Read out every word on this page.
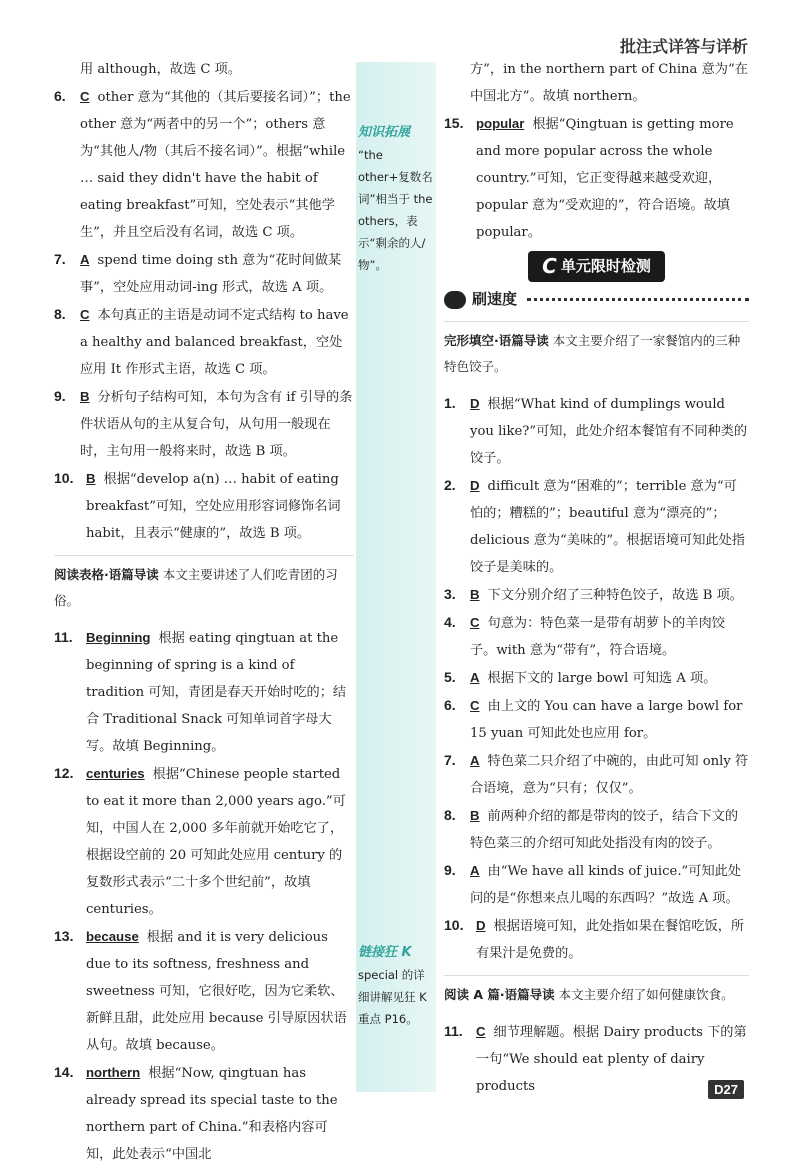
批注式详答与详析
用 although，故选 C 项。
6. C other 意为“其他的（其后要接名词）”；the other 意为“两者中的另一个”；others 意为“其他人/物（其后不接名词）”。根据“while … said they didn't have the habit of eating breakfast”可知，空处表示“其他学生”，并且空后没有名词，故选 C 项。
7. A spend time doing sth 意为“花时间做某事”，空处应用动词-ing 形式，故选 A 项。
8. C 本句真正的主语是动词不定式结构 to have a healthy and balanced breakfast，空处应用 It 作形式主语，故选 C 项。
9. B 分析句子结构可知，本句为含有 if 引导的条件状语从句的主从复合句，从句用一般现在时，主句用一般将来时，故选 B 项。
10. B 根据“develop a(n) … habit of eating breakfast”可知，空处应用形容词修饰名词 habit，且表示“健康的”，故选 B 项。
阅读表格·语篇导读 本文主要讲述了人们吃青团的习俗。
11. Beginning 根据 eating qingtuan at the beginning of spring is a kind of tradition 可知，青团是春天开始时吃的；结合 Traditional Snack 可知单词首字母大写。故填 Beginning。
12. centuries 根据“Chinese people started to eat it more than 2,000 years ago.”可知，中国人在 2,000 多年前就开始吃它了，根据设空前的 20 可知此处应用 century 的复数形式表示“二十多个世纪前”，故填 centuries。
13. because 根据 and it is very delicious due to its softness, freshness and sweetness 可知，它很好吃，因为它柔软、新鲜且甜，此处应用 because 引导原因状语从句。故填 because。
14. northern 根据“Now, qingtuan has already spread its special taste to the northern part of China.”和表格内容可知，此处表示“中国北
知识拓展
“the other+复数名词”相当于 the others，表示“剩余的人/物”。
链接狂 K
special 的详细讲解见狂 K 重点 P16。
方”，in the northern part of China 意为“在中国北方”。故填 northern。
15. popular 根据“Qingtuan is getting more and more popular across the whole country.”可知，它正变得越来越受欢迎，popular 意为“受欢迎的”，符合语境。故填 popular。
C 单元限时检测
刷速度
完形填空·语篇导读 本文主要介绍了一家餐馆内的三种特色饺子。
1. D 根据“What kind of dumplings would you like?”可知，此处介绍本餐馆有不同种类的饺子。
2. D difficult 意为“困难的”；terrible 意为“可怕的；糟糕的”；beautiful 意为“漂亮的”；delicious 意为“美味的”。根据语境可知此处指饺子是美味的。
3. B 下文分别介绍了三种特色饺子，故选 B 项。
4. C 句意为：特色菜一是带有胡萝卜的羊肉饺子。with 意为“带有”，符合语境。
5. A 根据下文的 large bowl 可知选 A 项。
6. C 由上文的 You can have a large bowl for 15 yuan 可知此处也应用 for。
7. A 特色菜二只介绍了中碗的，由此可知 only 符合语境，意为“只有；仅仅”。
8. B 前两种介绍的都是带肉的饺子，结合下文的特色菜三的介绍可知此处指没有肉的饺子。
9. A 由“We have all kinds of juice.”可知此处问的是“你想来点儿喝的东西吗？”故选 A 项。
10. D 根据语境可知，此处指如果在餐馆吃饭，所有果汁是免费的。
阅读 A 篇·语篇导读 本文主要介绍了如何健康饮食。
11. C 细节理解题。根据 Dairy products 下的第一句“We should eat plenty of dairy products	D27
